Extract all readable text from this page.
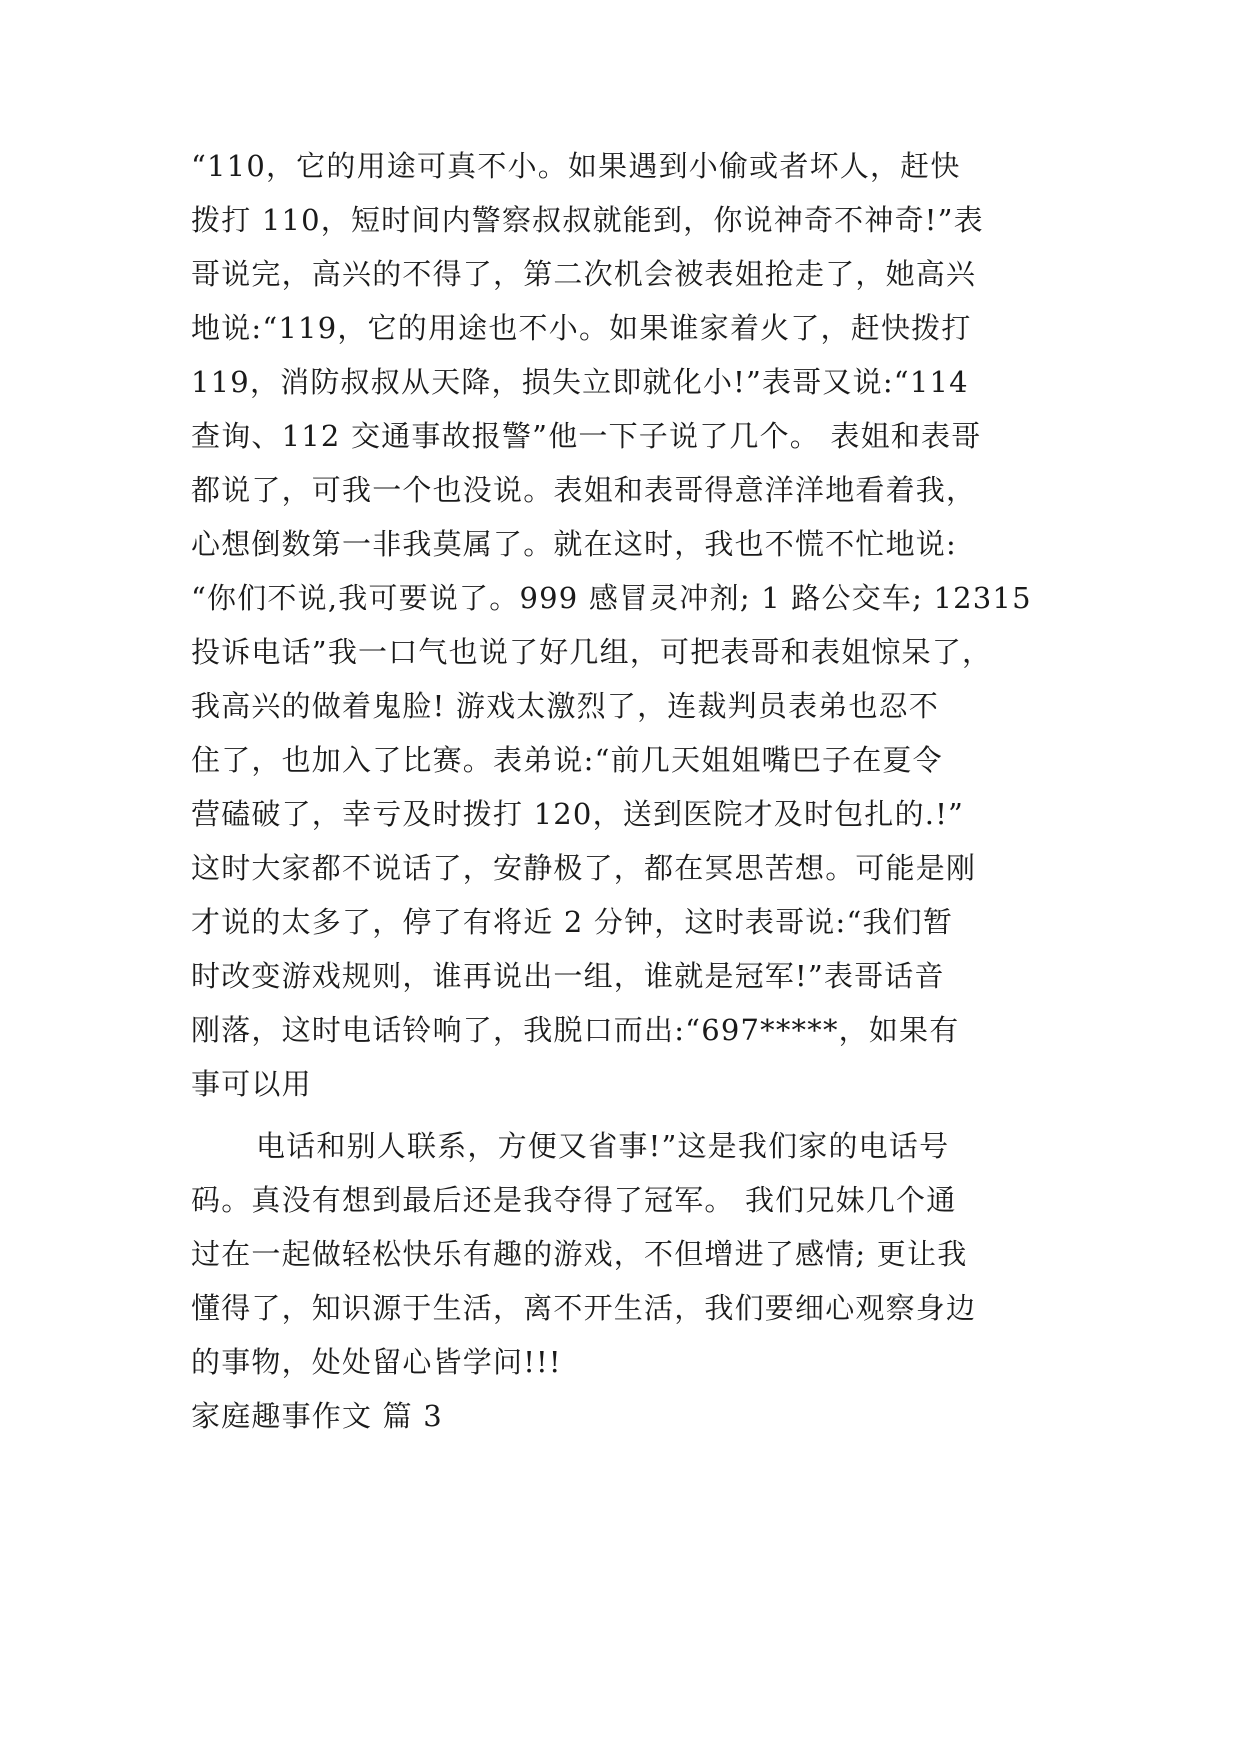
“110，它的用途可真不小。如果遇到小偷或者坏人，赶快
拨打 110，短时间内警察叔叔就能到，你说神奇不神奇!”表
哥说完，高兴的不得了，第二次机会被表姐抢走了，她高兴
地说:“119，它的用途也不小。如果谁家着火了，赶快拨打
119，消防叔叔从天降，损失立即就化小!”表哥又说:“114
查询、112 交通事故报警”他一下子说了几个。 表姐和表哥
都说了，可我一个也没说。表姐和表哥得意洋洋地看着我，
心想倒数第一非我莫属了。就在这时，我也不慌不忙地说:
“你们不说,我可要说了。999 感冒灵冲剂; 1 路公交车; 12315
投诉电话”我一口气也说了好几组，可把表哥和表姐惊呆了，
我高兴的做着鬼脸! 游戏太激烈了，连裁判员表弟也忍不
住了，也加入了比赛。表弟说:“前几天姐姐嘴巴子在夏令
营磕破了，幸亏及时拨打 120，送到医院才及时包扎的.!”
这时大家都不说话了，安静极了，都在冥思苦想。可能是刚
才说的太多了，停了有将近 2 分钟，这时表哥说:“我们暂
时改变游戏规则，谁再说出一组，谁就是冠军!”表哥话音
刚落，这时电话铃响了，我脱口而出:“697*****，如果有
事可以用
电话和别人联系，方便又省事!”这是我们家的电话号
码。真没有想到最后还是我夺得了冠军。 我们兄妹几个通
过在一起做轻松快乐有趣的游戏，不但增进了感情; 更让我
懂得了，知识源于生活，离不开生活，我们要细心观察身边
的事物，处处留心皆学问!!!
家庭趣事作文 篇 3
